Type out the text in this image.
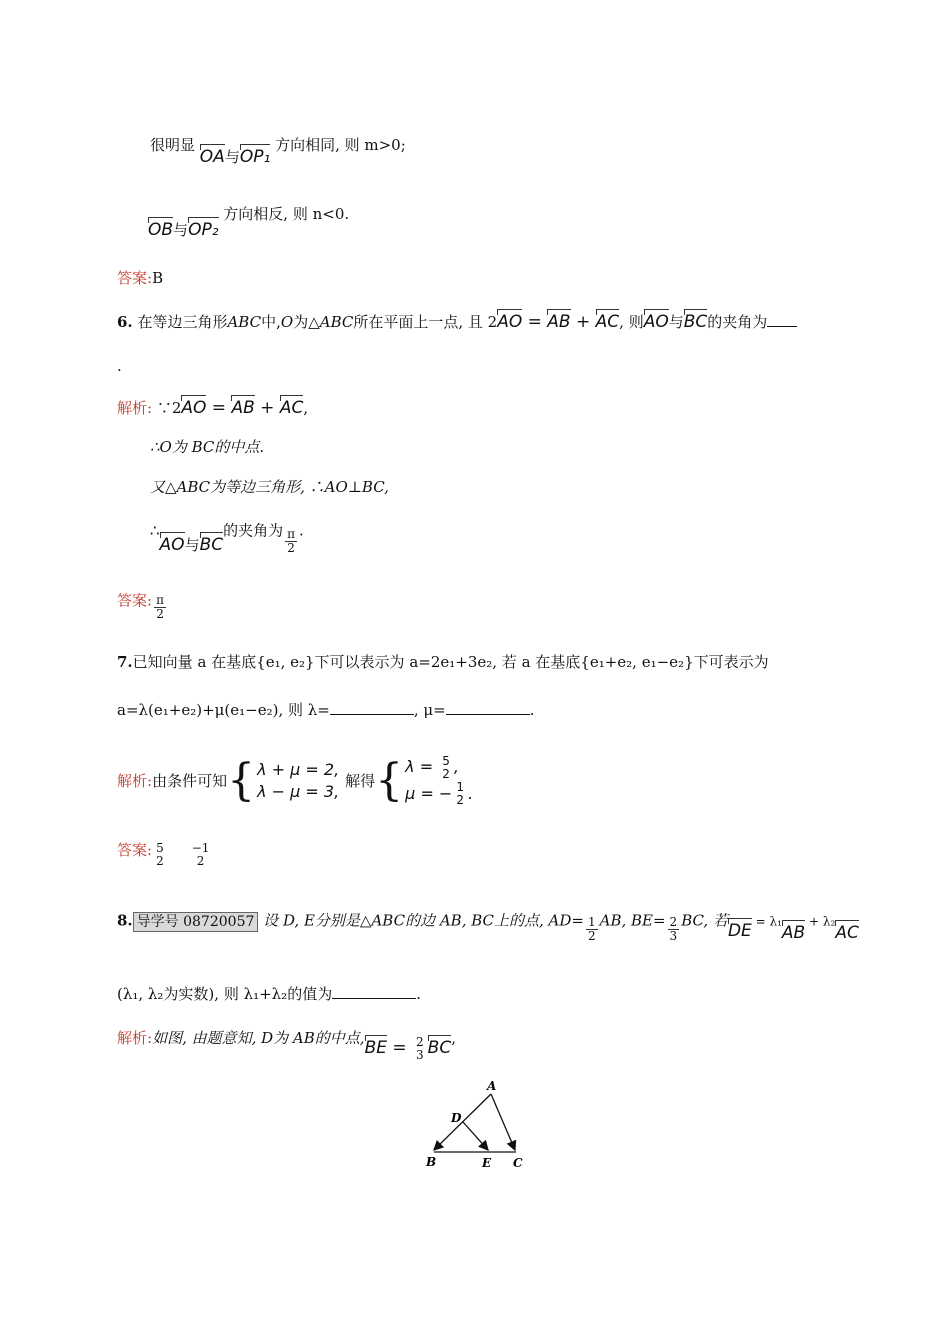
很明显 OA与OP₁ 方向相同, 则 m>0;
OB与OP₂ 方向相反, 则 n<0.
答案:B
6. 在等边三角形ABC中,O为△ABC所在平面上一点, 且 2AO = AB + AC, 则AO与BC的夹角为
.
解析: ∵2AO = AB + AC,
∴O为 BC的中点.
又△ABC为等边三角形, ∴AO⊥BC,
∴AO与BC的夹角为 $\frac{\pi}{2}$ .
答案: $\frac{\pi}{2}$
7.已知向量 a 在基底{e₁, e₂}下可以表示为 a=2e₁+3e₂, 若 a 在基底{e₁+e₂, e₁−e₂}下可表示为
a=λ(e₁+e₂)+μ(e₁−e₂), 则 λ=	, μ=	.
解析: 由条件可知 { λ + μ = 2,
λ − μ = 3,
解得 { λ = 5
2 ,
μ = − 1
2 .
答案: 5
2
−1
2
8. 导学号 08720057 设 D, E分别是△ABC的边 AB, BC上的点, $AD= \frac{1}{2}$ AB, $BE= \frac{2}{3}$ BC, 若DE = λ₁AB + λ₂AC
(λ₁, λ₂为实数), 则 λ₁+λ₂的值为	.
解析:如图, 由题意知, D为 AB的中点,BE = 2
3 BC,
A
D
B	E C
